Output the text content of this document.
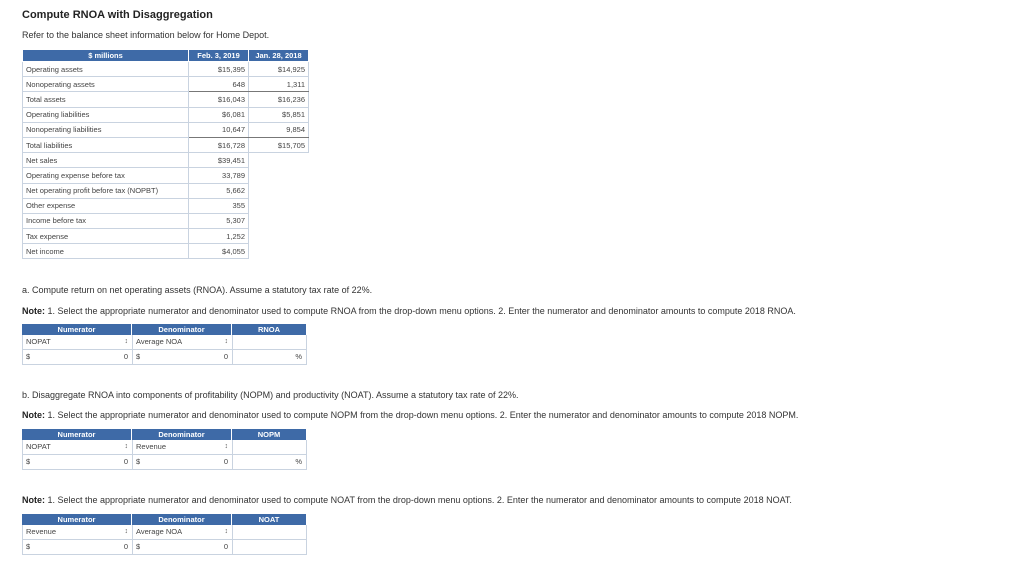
Compute RNOA with Disaggregation
Refer to the balance sheet information below for Home Depot.
$ millions	Feb. 3, 2019	Jan. 28, 2018
Operating assets	$15,395	$14,925
Nonoperating assets	648	1,311
Total assets	$16,043	$16,236
Operating liabilities	$6,081	$5,851
Nonoperating liabilities	10,647	9,854
Total liabilities	$16,728	$15,705
Net sales	$39,451	
Operating expense before tax	33,789	
Net operating profit before tax (NOPBT)	5,662	
Other expense	355	
Income before tax	5,307	
Tax expense	1,252	
Net income	$4,055	
a. Compute return on net operating assets (RNOA). Assume a statutory tax rate of 22%.
Note: 1. Select the appropriate numerator and denominator used to compute RNOA from the drop-down menu options. 2. Enter the numerator and denominator amounts to compute 2018 RNOA.
Numerator	Denominator	RNOA
NOPAT	↕	Average NOA	↕
$	0	$	0	%
b. Disaggregate RNOA into components of profitability (NOPM) and productivity (NOAT). Assume a statutory tax rate of 22%.
Note: 1. Select the appropriate numerator and denominator used to compute NOPM from the drop-down menu options. 2. Enter the numerator and denominator amounts to compute 2018 NOPM.
Numerator	Denominator	NOPM
NOPAT	↕	Revenue	↕
$	0	$	0	%
Note: 1. Select the appropriate numerator and denominator used to compute NOAT from the drop-down menu options. 2. Enter the numerator and denominator amounts to compute 2018 NOAT.
Numerator	Denominator	NOAT
Revenue	↕	Average NOA	↕
$	0	$	0
